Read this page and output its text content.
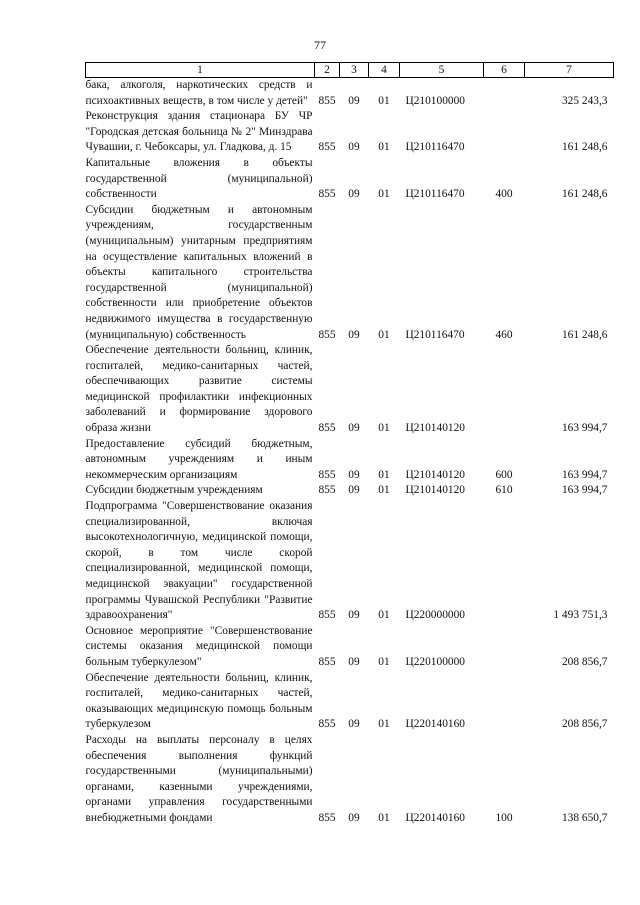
77
1	2	3	4	5	6	7
бака, алкоголя, наркотических средств и психоактивных веществ, в том числе у детей"	855	09	01	Ц210100000		325 243,3
Реконструкция здания стационара БУ ЧР "Городская детская больница № 2" Минздрава Чувашии, г. Чебоксары, ул. Гладкова, д. 15	855	09	01	Ц210116470		161 248,6
Капитальные вложения в объекты государственной (муниципальной) собственности	855	09	01	Ц210116470	400	161 248,6
Субсидии бюджетным и автономным учреждениям, государственным (муниципальным) унитарным предприятиям на осуществление капитальных вложений в объекты капитального строительства государственной (муниципальной) собственности или приобретение объектов недвижимого имущества в государственную (муниципальную) собственность	855	09	01	Ц210116470	460	161 248,6
Обеспечение деятельности больниц, клиник, госпиталей, медико-санитарных частей, обеспечивающих развитие системы медицинской профилактики инфекционных заболеваний и формирование здорового образа жизни	855	09	01	Ц210140120		163 994,7
Предоставление субсидий бюджетным, автономным учреждениям и иным некоммерческим организациям	855	09	01	Ц210140120	600	163 994,7
Субсидии бюджетным учреждениям	855	09	01	Ц210140120	610	163 994,7
Подпрограмма "Совершенствование оказания специализированной, включая высокотехнологичную, медицинской помощи, скорой, в том числе скорой специализированной, медицинской помощи, медицинской эвакуации" государственной программы Чувашской Республики "Развитие здравоохранения"	855	09	01	Ц220000000		1 493 751,3
Основное мероприятие "Совершенствование системы оказания медицинской помощи больным туберкулезом"	855	09	01	Ц220100000		208 856,7
Обеспечение деятельности больниц, клиник, госпиталей, медико-санитарных частей, оказывающих медицинскую помощь больным туберкулезом	855	09	01	Ц220140160		208 856,7
Расходы на выплаты персоналу в целях обеспечения выполнения функций государственными (муниципальными) органами, казенными учреждениями, органами управления государственными внебюджетными фондами	855	09	01	Ц220140160	100	138 650,7
